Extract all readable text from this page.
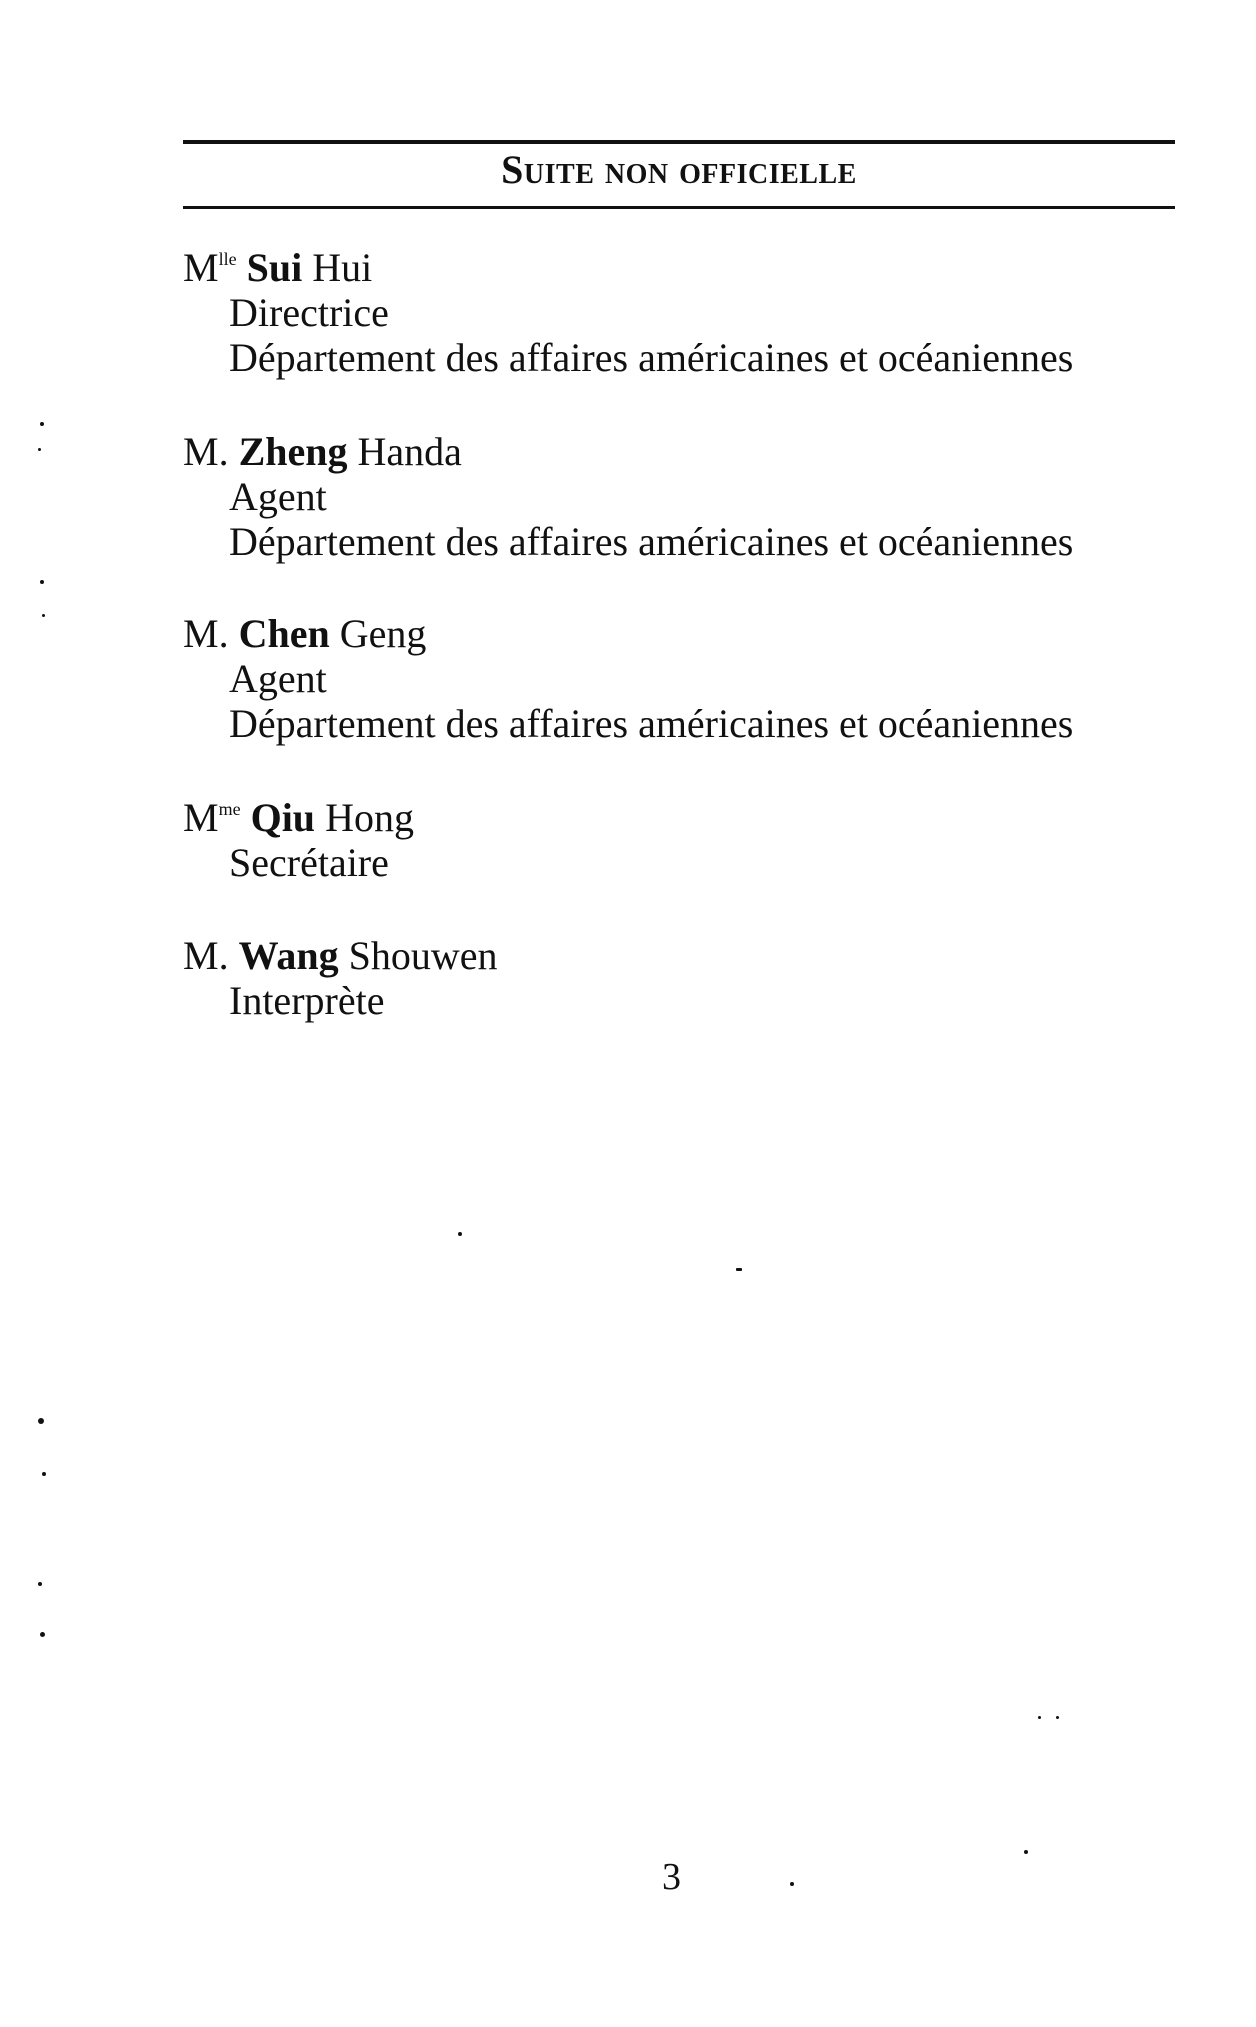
Suite non officielle
$M^{lle}$ Sui Hui
Directrice
Département des affaires américaines et océaniennes
M. Zheng Handa
Agent
Département des affaires américaines et océaniennes
M. Chen Geng
Agent
Département des affaires américaines et océaniennes
$M^{me}$ Qiu Hong
Secrétaire
M. Wang Shouwen
Interprète
3
